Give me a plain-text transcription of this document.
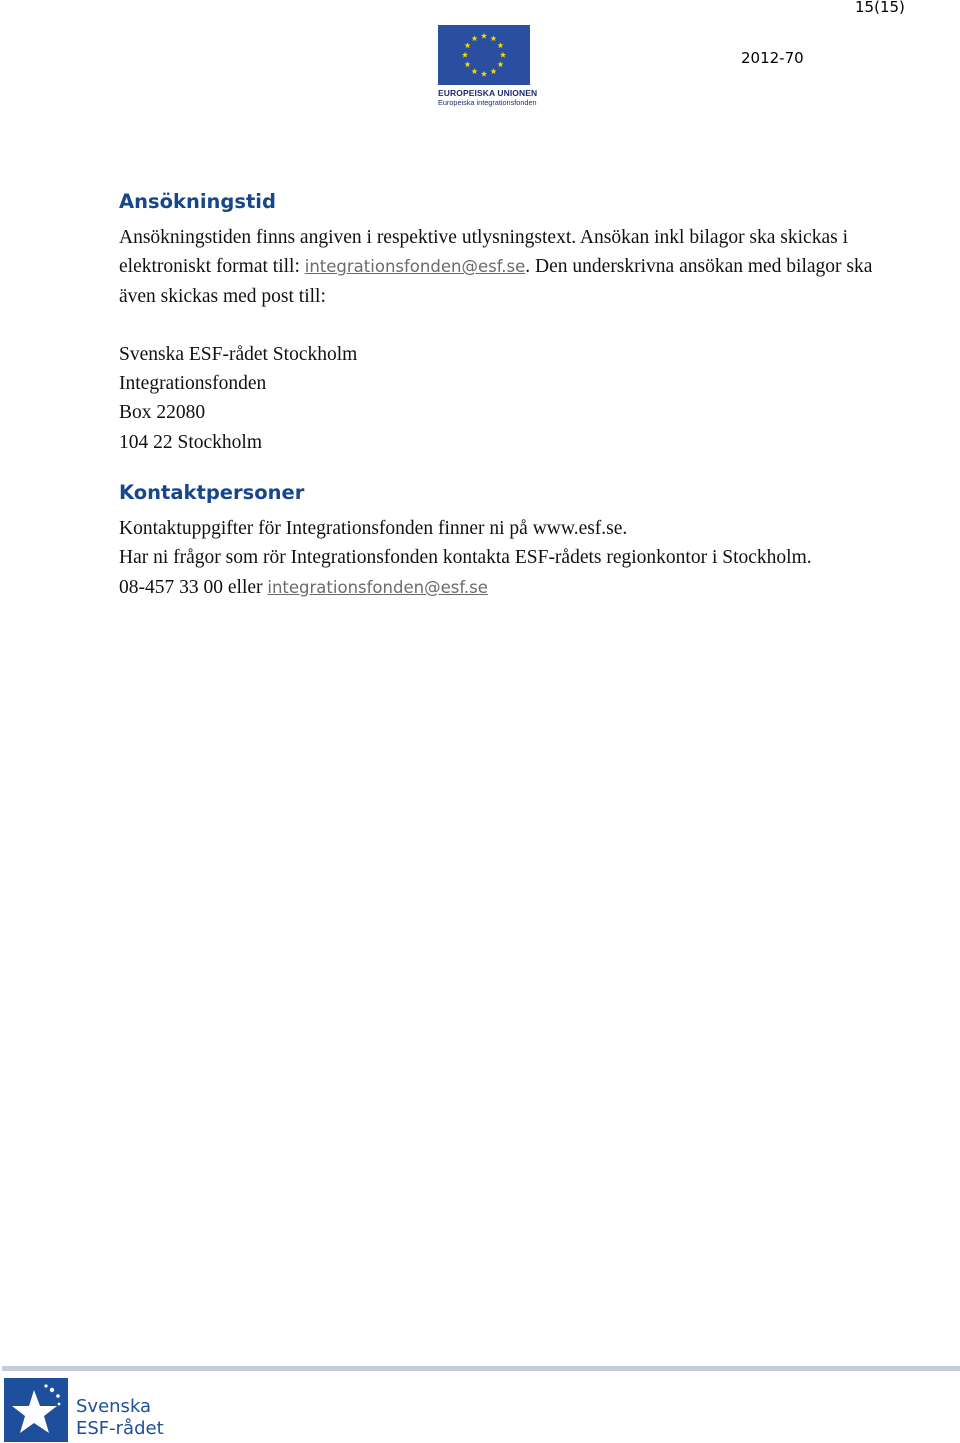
15(15)
EUROPEISKA UNIONEN
Europeiska integrationsfonden
2012-70
Ansökningstid

Ansökningstiden finns angiven i respektive utlysningstext. Ansökan inkl bilagor ska skickas i elektroniskt format till: integrationsfonden@esf.se. Den underskrivna ansökan med bilagor ska även skickas med post till:

Svenska ESF-rådet Stockholm

Integrationsfonden

Box 22080

104 22 Stockholm

Kontaktpersoner

Kontaktuppgifter för Integrationsfonden finner ni på www.esf.se.

Har ni frågor som rör Integrationsfonden kontakta ESF-rådets regionkontor i Stockholm.

08-457 33 00 eller integrationsfonden@esf.se

Svenska
ESF-rådet
